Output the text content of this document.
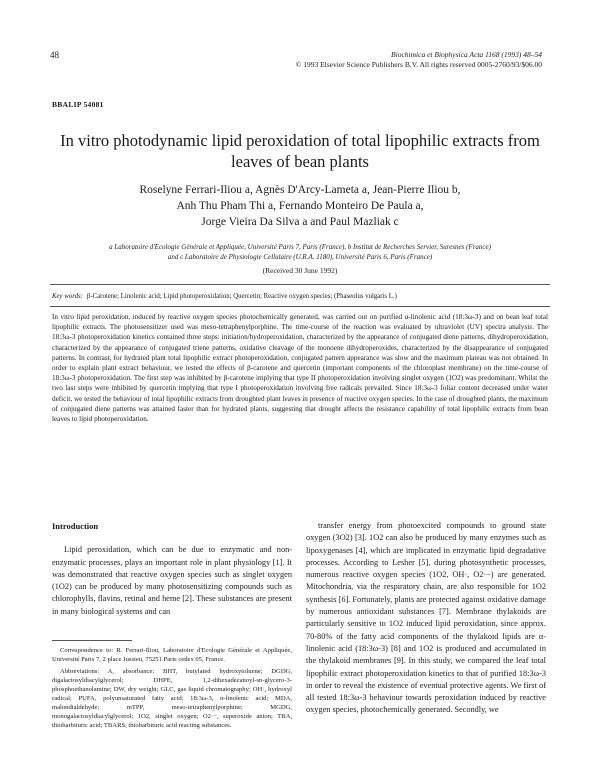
48	Biochimica et Biophysica Acta 1168 (1993) 48–54
© 1993 Elsevier Science Publishers B.V. All rights reserved 0005-2760/93/$06.00
BBALIP 54081
In vitro photodynamic lipid peroxidation of total lipophilic extracts from leaves of bean plants
Roselyne Ferrari-Iliou a, Agnès D'Arcy-Lameta a, Jean-Pierre Iliou b,
Anh Thu Pham Thi a, Fernando Monteiro De Paula a,
Jorge Vieira Da Silva a and Paul Mazliak c
a Laboratoire d'Ecologie Générale et Appliquée, Université Paris 7, Paris (France), b Institut de Recherches Servier, Suresnes (France)
and c Laboratoire de Physiologie Cellulaire (U.R.A. 1180), Université Paris 6, Paris (France)
(Received 30 June 1992)
Key words: β-Carotene; Linolenic acid; Lipid photoperoxidation; Quercetin; Reactive oxygen species; (Phaseolus vulgaris L.)
In vitro lipid peroxidation, induced by reactive oxygen species photochemically generated, was carried out on purified α-linolenic acid (18:3ω-3) and on bean leaf total lipophilic extracts. The photosensitizer used was meso-tetraphenylporphine. The time-course of the reaction was evaluated by ultraviolet (UV) spectra analysis. The 18:3ω-3 photoperoxidation kinetics contained three steps: initiation/hydroperoxidation, characterized by the appearance of conjugated diene patterns, dihydroperoxidation, characterized by the appearance of conjugated triene patterns, oxidative cleavage of the monoene dihydroperoxides, characterized by the disappearance of conjugated patterns. In contrast, for hydrated plant total lipophilic extract photoperoxidation, conjugated pattern appearance was slow and the maximum plateau was not obtained. In order to explain plant extract behaviour, we tested the effects of β-carotene and quercetin (important components of the chloroplast membrane) on the time-course of 18:3ω-3 photoperoxidation. The first step was inhibited by β-carotene implying that type II photoperoxidation involving singlet oxygen (1O2) was predominant. Whilst the two last steps were inhibited by quercetin implying that type I photoperoxidation involving free radicals prevailed. Since 18:3ω-3 foliar content decreased under water deficit, we tested the behaviour of total lipophilic extracts from droughted plant leaves in presence of reactive oxygen species. In the case of droughted plants, the maximum of conjugated diene patterns was attained faster than for hydrated plants, suggesting that drought affects the resistance capability of total lipophilic extracts from bean leaves to lipid photoperoxidation.
Introduction
Lipid peroxidation, which can be due to enzymatic and non-enzymatic processes, plays an important role in plant physiology [1]. It was demonstrated that reactive oxygen species such as singlet oxygen (1O2) can be produced by many photosensitizing compounds such as chlorophylls, flavins, retinal and heme [2]. These substances are present in many biological systems and can

Correspondence to: R. Ferrari-Iliou, Laboratoire d'Ecologie Générale et Appliquée, Université Paris 7, 2 place Jussieu, 75251 Paris cedex 05, France.

Abbreviations: A, absorbance; BHT, butylated hydroxytoluene; DGDG, digalactosyldiacylglycerol; DHPE, 1,2-dihexadecanoyl-sn-glycero-3-phosphoethanolamine; DW, dry weight; GLC, gas liquid chromatography; OH·, hydroxyl radical; PUFA, polyunsaturated fatty acid; 18:3ω-3, α-linolenic acid; MDA, malondialdehyde; mTPP, meso-tetraphenylporphine; MGDG, monogalactosyldiacylglycerol; 1O2, singlet oxygen; O2·−, superoxide anion; TBA, thiobarbituric acid; TBARS, thiobarbituric acid reacting substances.

transfer energy from photoexcited compounds to ground state oxygen (3O2) [3]. 1O2 can also be produced by many enzymes such as lipoxygenases [4], which are implicated in enzymatic lipid degradative processes. According to Lesher [5], during photosynthetic processes, numerous reactive oxygen species (1O2, OH·, O2·−) are generated. Mitochondria, via the respiratory chain, are also responsible for 1O2 synthesis [6]. Fortunately, plants are protected against oxidative damage by numerous antioxidant substances [7]. Membrane thylakoids are particularly sensitive to 1O2 induced lipid peroxidation, since approx. 70-80% of the fatty acid components of the thylakoid lipids are α-linolenic acid (18:3ω-3) [8] and 1O2 is produced and accumulated in the thylakoid membranes [9]. In this study, we compared the leaf total lipophilic extract photoperoxidation kinetics to that of purified 18:3ω-3 in order to reveal the existence of eventual protective agents. We first of all tested 18:3ω-3 behaviour towards peroxidation induced by reactive oxygen species, photochemically generated. Secondly, we
